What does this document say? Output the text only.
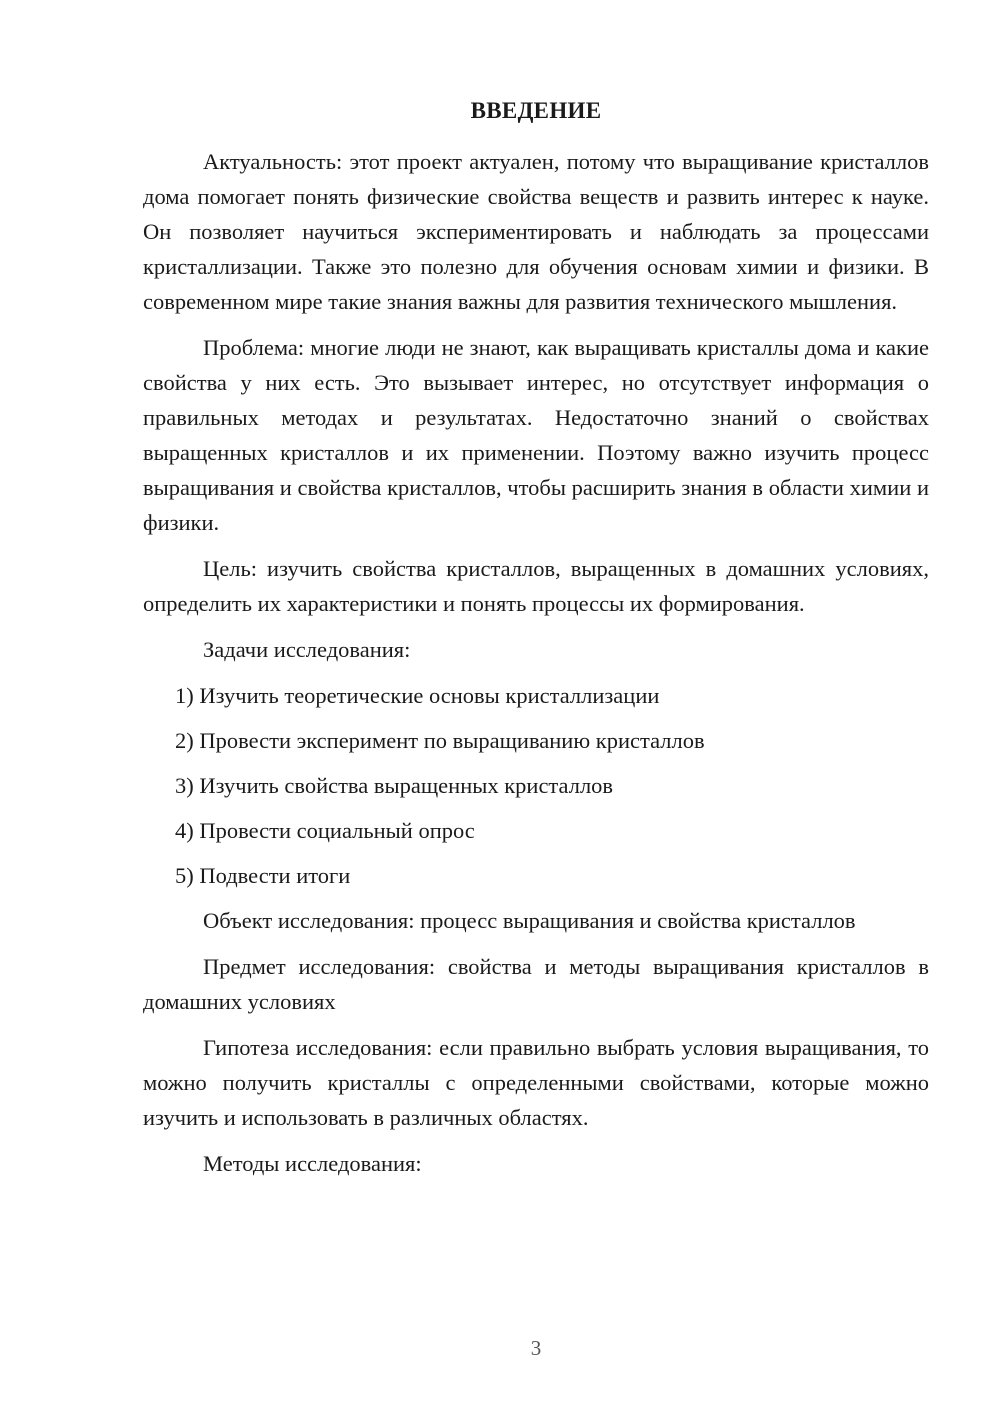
ВВЕДЕНИЕ

Актуальность: этот проект актуален, потому что выращивание кристаллов дома помогает понять физические свойства веществ и развить интерес к науке. Он позволяет научиться экспериментировать и наблюдать за процессами кристаллизации. Также это полезно для обучения основам химии и физики. В современном мире такие знания важны для развития технического мышления.

Проблема: многие люди не знают, как выращивать кристаллы дома и какие свойства у них есть. Это вызывает интерес, но отсутствует информация о правильных методах и результатах. Недостаточно знаний о свойствах выращенных кристаллов и их применении. Поэтому важно изучить процесс выращивания и свойства кристаллов, чтобы расширить знания в области химии и физики.

Цель: изучить свойства кристаллов, выращенных в домашних условиях, определить их характеристики и понять процессы их формирования.

Задачи исследования:

1) Изучить теоретические основы кристаллизации

2) Провести эксперимент по выращиванию кристаллов

3) Изучить свойства выращенных кристаллов

4) Провести социальный опрос

5) Подвести итоги

Объект исследования: процесс выращивания и свойства кристаллов

Предмет исследования: свойства и методы выращивания кристаллов в домашних условиях

Гипотеза исследования: если правильно выбрать условия выращивания, то можно получить кристаллы с определенными свойствами, которые можно изучить и использовать в различных областях.

Методы исследования:

3
